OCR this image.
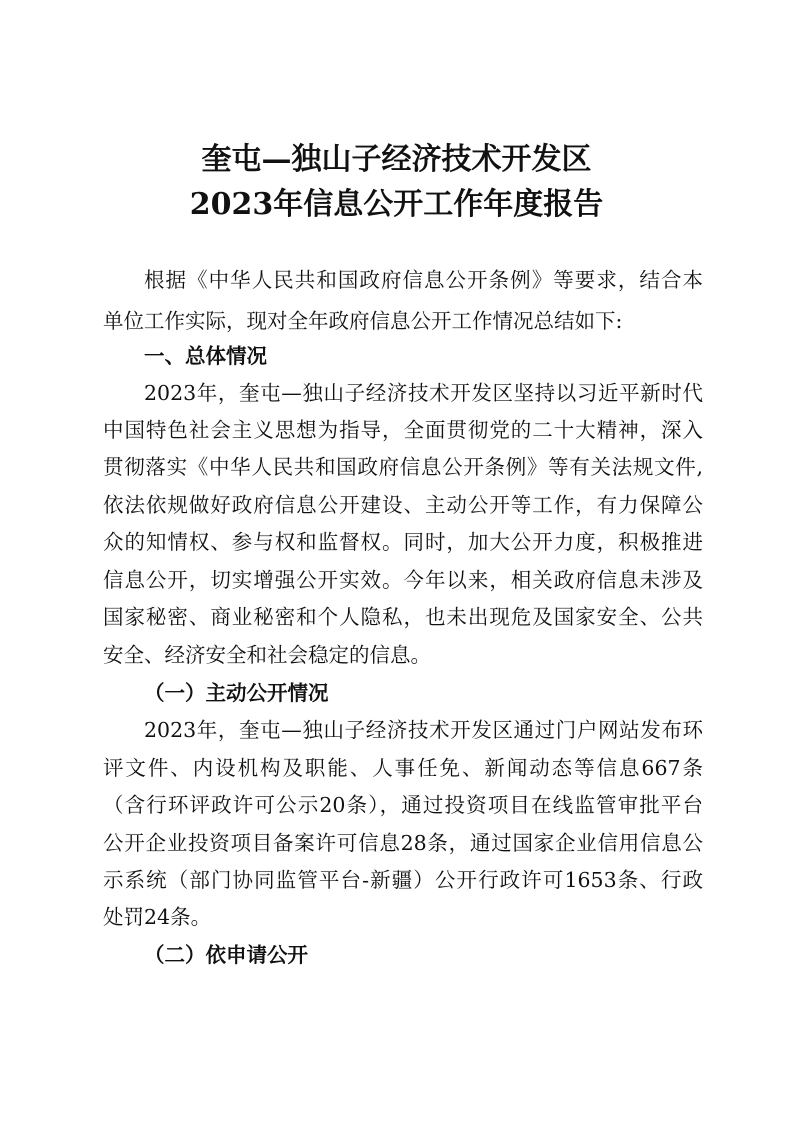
奎屯—独山子经济技术开发区
2023年信息公开工作年度报告

根据《中华人民共和国政府信息公开条例》等要求，结合本

单位工作实际，现对全年政府信息公开工作情况总结如下:

一、总体情况

2023年，奎屯—独山子经济技术开发区坚持以习近平新时代

中国特色社会主义思想为指导，全面贯彻党的二十大精神，深入

贯彻落实《中华人民共和国政府信息公开条例》等有关法规文件,

依法依规做好政府信息公开建设、主动公开等工作，有力保障公

众的知情权、参与权和监督权。同时，加大公开力度，积极推进

信息公开，切实增强公开实效。今年以来，相关政府信息未涉及

国家秘密、商业秘密和个人隐私，也未出现危及国家安全、公共

安全、经济安全和社会稳定的信息。

（一）主动公开情况

2023年，奎屯—独山子经济技术开发区通过门户网站发布环

评文件、内设机构及职能、人事任免、新闻动态等信息667条

（含行环评政许可公示20条），通过投资项目在线监管审批平台

公开企业投资项目备案许可信息28条，通过国家企业信用信息公

示系统（部门协同监管平台-新疆）公开行政许可1653条、行政

处罚24条。

（二）依申请公开
